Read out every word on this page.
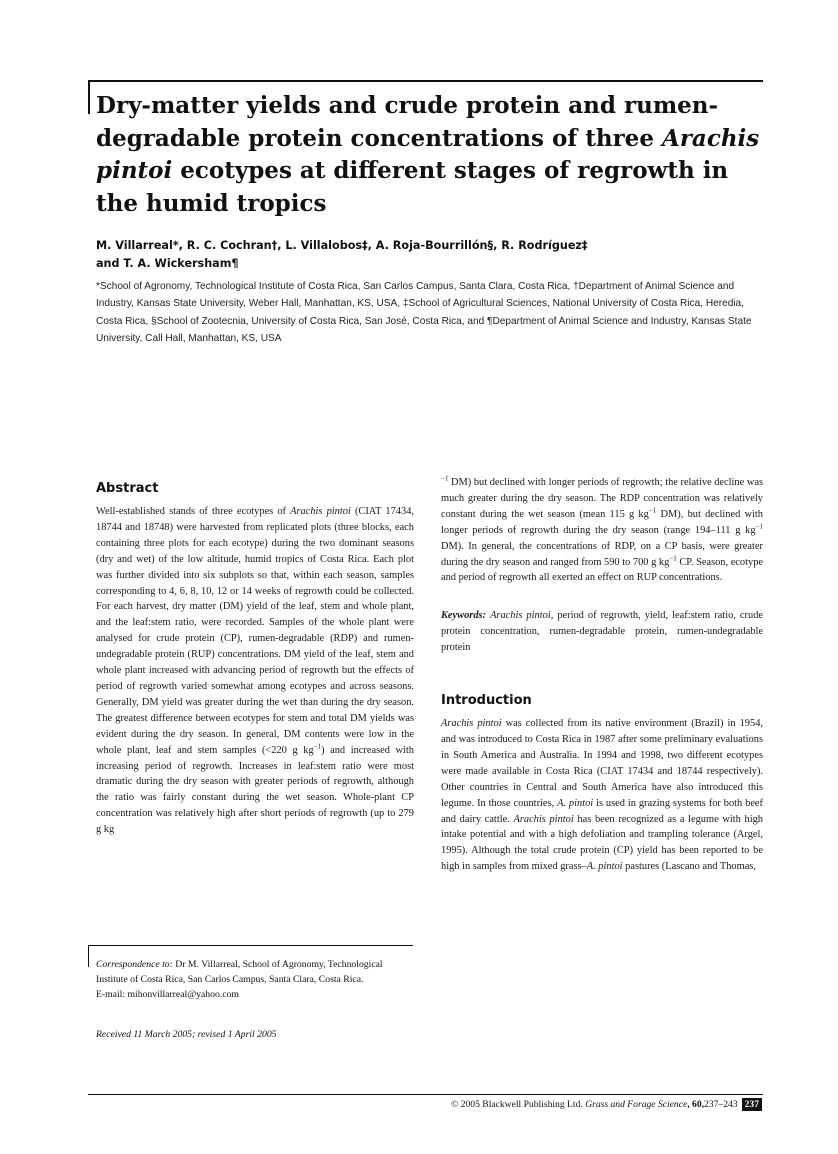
Dry-matter yields and crude protein and rumen-degradable protein concentrations of three Arachis pintoi ecotypes at different stages of regrowth in the humid tropics
M. Villarreal*, R. C. Cochran†, L. Villalobos‡, A. Roja-Bourrillón§, R. Rodríguez‡
and T. A. Wickersham¶

*School of Agronomy, Technological Institute of Costa Rica, San Carlos Campus, Santa Clara, Costa Rica, †Department of Animal Science and Industry, Kansas State University, Weber Hall, Manhattan, KS, USA, ‡School of Agricultural Sciences, National University of Costa Rica, Heredia, Costa Rica, §School of Zootecnia, University of Costa Rica, San José, Costa Rica, and ¶Department of Animal Science and Industry, Kansas State University, Call Hall, Manhattan, KS, USA

Abstract

Well-established stands of three ecotypes of Arachis pintoi (CIAT 17434, 18744 and 18748) were harvested from replicated plots (three blocks, each containing three plots for each ecotype) during the two dominant seasons (dry and wet) of the low altitude, humid tropics of Costa Rica. Each plot was further divided into six subplots so that, within each season, samples corresponding to 4, 6, 8, 10, 12 or 14 weeks of regrowth could be collected. For each harvest, dry matter (DM) yield of the leaf, stem and whole plant, and the leaf:stem ratio, were recorded. Samples of the whole plant were analysed for crude protein (CP), rumen-degradable (RDP) and rumen-undegradable protein (RUP) concentrations. DM yield of the leaf, stem and whole plant increased with advancing period of regrowth but the effects of period of regrowth varied somewhat among ecotypes and across seasons. Generally, DM yield was greater during the wet than during the dry season. The greatest difference between ecotypes for stem and total DM yields was evident during the dry season. In general, DM contents were low in the whole plant, leaf and stem samples (<220 g $kg^{-1}$) and increased with increasing period of regrowth. Increases in leaf:stem ratio were most dramatic during the dry season with greater periods of regrowth, although the ratio was fairly constant during the wet season. Whole-plant CP concentration was relatively high after short periods of regrowth (up to 279 g kg

$^{-1}$ DM) but declined with longer periods of regrowth; the relative decline was much greater during the dry season. The RDP concentration was relatively constant during the wet season (mean 115 g $kg^{-1}$ DM), but declined with longer periods of regrowth during the dry season (range 194–111 g $kg^{-1}$ DM). In general, the concentrations of RDP, on a CP basis, were greater during the dry season and ranged from 590 to 700 g $kg^{-1}$ CP. Season, ecotype and period of regrowth all exerted an effect on RUP concentrations.

Keywords: Arachis pintoi, period of regrowth, yield, leaf:stem ratio, crude protein concentration, rumen-degradable protein, rumen-undegradable protein

Introduction

Arachis pintoi was collected from its native environment (Brazil) in 1954, and was introduced to Costa Rica in 1987 after some preliminary evaluations in South America and Australia. In 1994 and 1998, two different ecotypes were made available in Costa Rica (CIAT 17434 and 18744 respectively). Other countries in Central and South America have also introduced this legume. In those countries, A. pintoi is used in grazing systems for both beef and dairy cattle. Arachis pintoi has been recognized as a legume with high intake potential and with a high defoliation and trampling tolerance (Argel, 1995). Although the total crude protein (CP) yield has been reported to be high in samples from mixed grass–A. pintoi pastures (Lascano and Thomas,

Correspondence to: Dr M. Villarreal, School of Agronomy, Technological Institute of Costa Rica, San Carlos Campus, Santa Clara, Costa Rica.
E-mail: mihonvillarreal@yahoo.com

Received 11 March 2005; revised 1 April 2005

© 2005 Blackwell Publishing Ltd.
Grass and Forage Science , 60, 237–243 237
